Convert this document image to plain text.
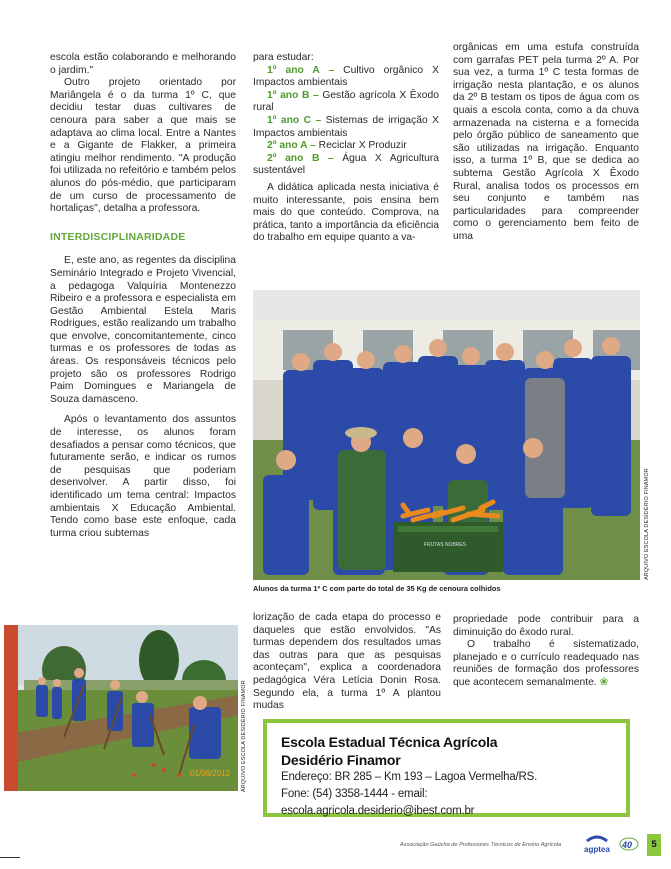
escola estão colaborando e melhorando o jardim."

Outro projeto orientado por Mariângela é o da turma 1º C, que decidiu testar duas cultivares de cenoura para saber a que mais se adaptava ao clima local. Entre a Nantes e a Gigante de Flakker, a primeira atingiu melhor rendimento. "A produção foi utilizada no refeitório e também pelos alunos do pós-médio, que participaram de um curso de processamento de hortaliças", detalha a professora.

INTERDISCIPLINARIDADE

E, este ano, as regentes da disciplina Seminário Integrado e Projeto Vivencial, a pedagoga Valquíria Montenezzo Ribeiro e a professora e especialista em Gestão Ambiental Estela Maris Rodrigues, estão realizando um trabalho que envolve, concomitantemente, cinco turmas e os professores de todas as áreas. Os responsáveis técnicos pelo projeto são os professores Rodrigo Paim Domingues e Mariangela de Souza damasceno.

Após o levantamento dos assuntos de interesse, os alunos foram desafiados a pensar como técnicos, que futuramente serão, e indicar os rumos de pesquisas que poderiam desenvolver. A partir disso, foi identificado um tema central: Impactos ambientais X Educação Ambiental. Tendo como base este enfoque, cada turma criou subtemas

para estudar:

1º ano A – Cultivo orgânico X Impactos ambientais

1º ano B – Gestão agrícola X Êxodo rural

1º ano C – Sistemas de irrigação X Impactos ambientais

2º ano A – Reciclar X Produzir

2º ano B – Água X Agricultura sustentável

A didática aplicada nesta iniciativa é muito interessante, pois ensina bem mais do que conteúdo. Comprova, na prática, tanto a importância da eficiência do trabalho em equipe quanto a va-

orgânicas em uma estufa construída com garrafas PET pela turma 2º A. Por sua vez, a turma 1º C testa formas de irrigação nesta plantação, e os alunos da 2º B testam os tipos de água com os quais a escola conta, como a da chuva armazenada na cisterna e a fornecida pelo órgão público de saneamento que são utilizadas na irrigação. Enquanto isso, a turma 1º B, que se dedica ao subtema Gestão Agrícola X Êxodo Rural, analisa todos os processos em seu conjunto e também nas particularidades para compreender como o gerenciamento bem feito de uma

FRUTAS NOBRES
Alunos da turma 1º C com parte do total de 35 Kg de cenoura colhidos
ARQUIVO ESCOLA DESIDÉRIO FINAMOR
01/06/2012 ARQUIVO ESCOLA DESIDÉRIO FINAMOR

lorização de cada etapa do processo e daqueles que estão envolvidos. "As turmas dependem dos resultados umas das outras para que as pesquisas aconteçam", explica a coordenadora pedagógica Véra Letícia Donin Rosa. Segundo ela, a turma 1º A plantou mudas

propriedade pode contribuir para a diminuição do êxodo rural.

O trabalho é sistematizado, planejado e o currículo readequado nas reuniões de formação dos professores que acontecem semanalmente. ❀

Escola Estadual Técnica Agrícola
Desidério Finamor
Endereço: BR 285 – Km 193 – Lagoa Vermelha/RS.
Fone: (54) 3358-1444 - email: escola.agricola.desiderio@ibest.com.br
Associação Gaúcha de Professores Técnicos de Ensino Agrícola	agptea 40	5
